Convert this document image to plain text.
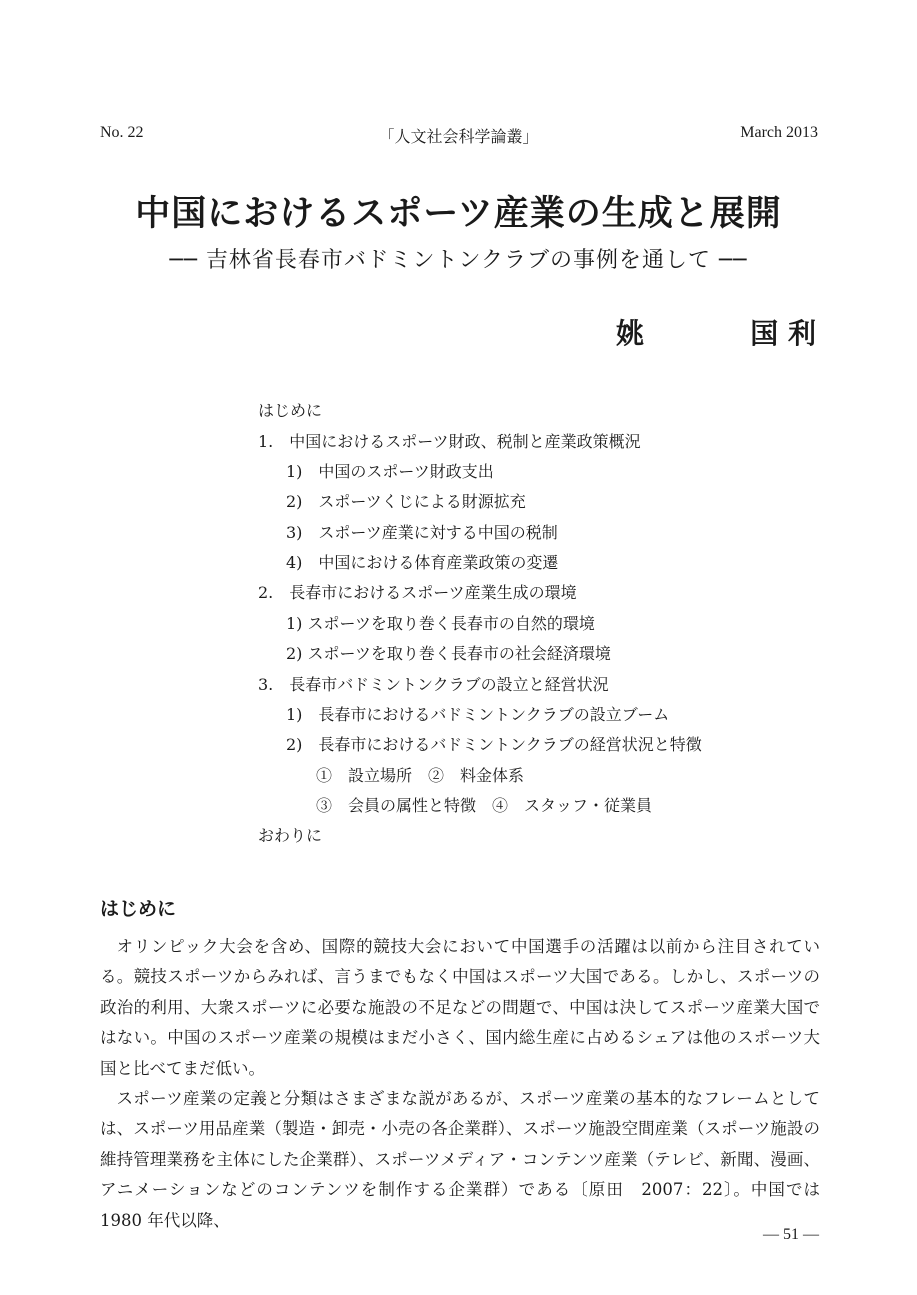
No. 22	「人文社会科学論叢」	March 2013
中国におけるスポーツ産業の生成と展開
── 吉林省長春市バドミントンクラブの事例を通して ──
姚	国 利
はじめに
1.　中国におけるスポーツ財政、税制と産業政策概況
1)　中国のスポーツ財政支出
2)　スポーツくじによる財源拡充
3)　スポーツ産業に対する中国の税制
4)　中国における体育産業政策の変遷
2.　長春市におけるスポーツ産業生成の環境
1) スポーツを取り巻く長春市の自然的環境
2) スポーツを取り巻く長春市の社会経済環境
3.　長春市バドミントンクラブの設立と経営状況
1)　長春市におけるバドミントンクラブの設立ブーム
2)　長春市におけるバドミントンクラブの経営状況と特徴
①　設立場所　②　料金体系
③　会員の属性と特徴　④　スタッフ・従業員
おわりに
はじめに

オリンピック大会を含め、国際的競技大会において中国選手の活躍は以前から注目されている。競技スポーツからみれば、言うまでもなく中国はスポーツ大国である。しかし、スポーツの政治的利用、大衆スポーツに必要な施設の不足などの問題で、中国は決してスポーツ産業大国ではない。中国のスポーツ産業の規模はまだ小さく、国内総生産に占めるシェアは他のスポーツ大国と比べてまだ低い。

スポーツ産業の定義と分類はさまざまな説があるが、スポーツ産業の基本的なフレームとしては、スポーツ用品産業（製造・卸売・小売の各企業群）、スポーツ施設空間産業（スポーツ施設の維持管理業務を主体にした企業群）、スポーツメディア・コンテンツ産業（テレビ、新聞、漫画、アニメーションなどのコンテンツを制作する企業群）である〔原田　2007：22〕。中国では 1980 年代以降、

— 51 —
